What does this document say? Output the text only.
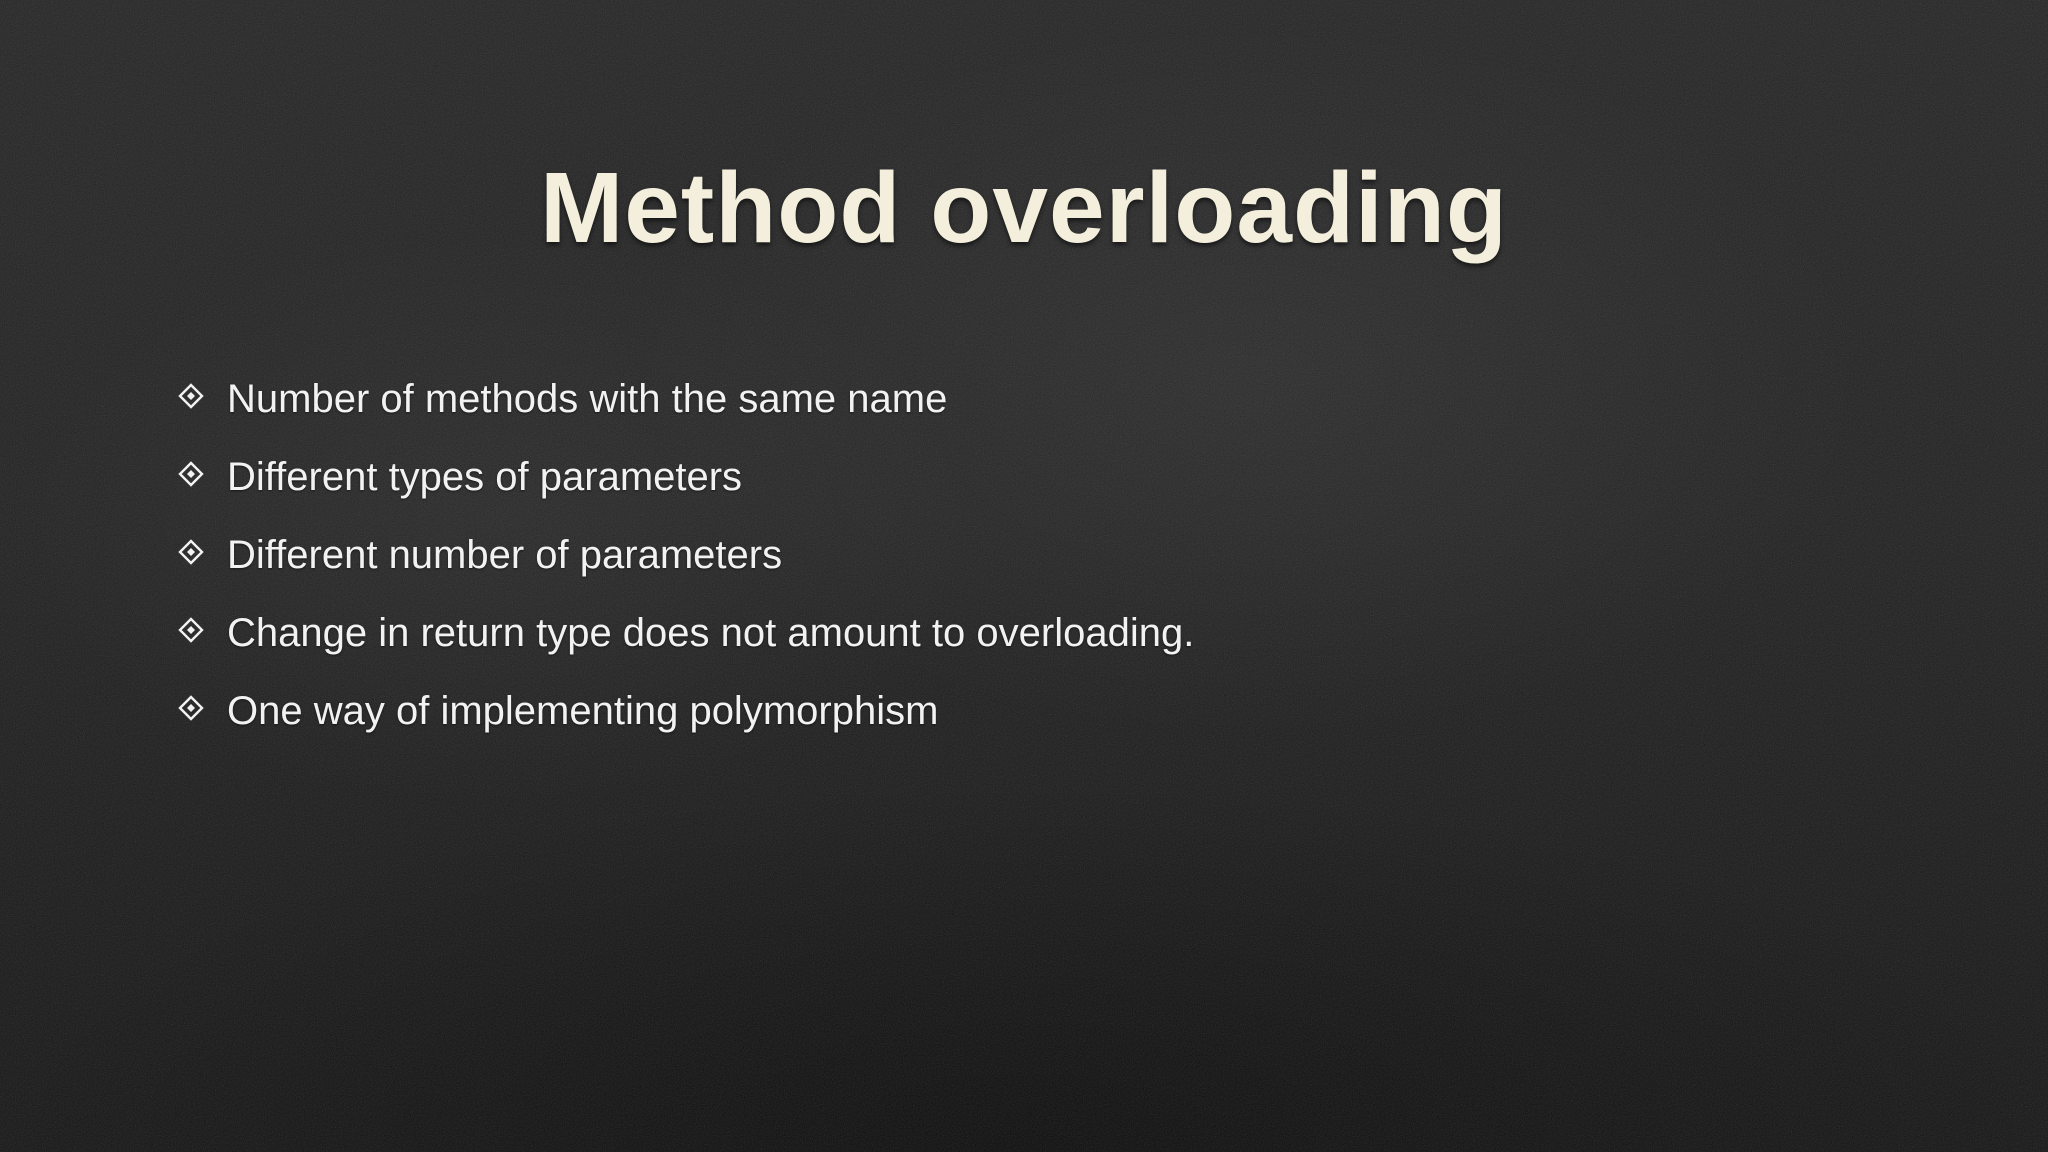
Method overloading
Number of methods with the same name
Different types of parameters
Different number of parameters
Change in return type does not amount to overloading.
One way of implementing polymorphism
